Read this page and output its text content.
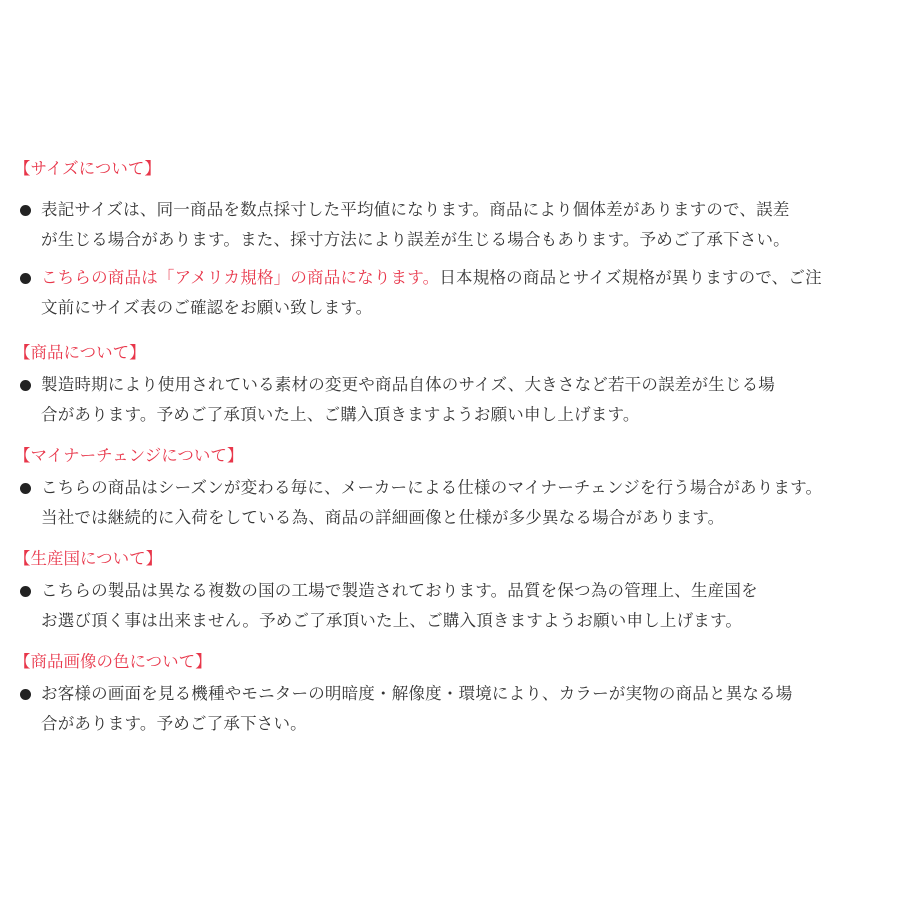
【サイズについて】
表記サイズは、同一商品を数点採寸した平均値になります。商品により個体差がありますので、誤差
が生じる場合があります。また、採寸方法により誤差が生じる場合もあります。予めご了承下さい。
こちらの商品は「アメリカ規格」の商品になります。日本規格の商品とサイズ規格が異りますので、ご注
文前にサイズ表のご確認をお願い致します。
【商品について】
製造時期により使用されている素材の変更や商品自体のサイズ、大きさなど若干の誤差が生じる場
合があります。予めご了承頂いた上、ご購入頂きますようお願い申し上げます。
【マイナーチェンジについて】
こちらの商品はシーズンが変わる毎に、メーカーによる仕様のマイナーチェンジを行う場合があります。
当社では継続的に入荷をしている為、商品の詳細画像と仕様が多少異なる場合があります。
【生産国について】
こちらの製品は異なる複数の国の工場で製造されております。品質を保つ為の管理上、生産国を
お選び頂く事は出来ません。予めご了承頂いた上、ご購入頂きますようお願い申し上げます。
【商品画像の色について】
お客様の画面を見る機種やモニターの明暗度・解像度・環境により、カラーが実物の商品と異なる場
合があります。予めご了承下さい。
